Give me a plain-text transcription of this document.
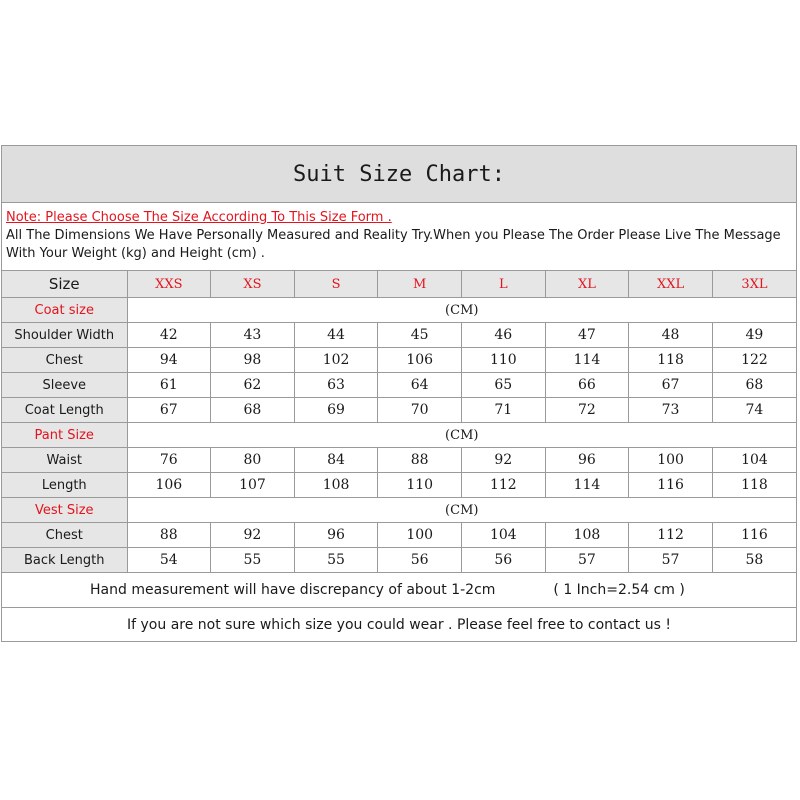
Suit Size Chart:
Note: Please Choose The Size According To This Size Form .
All The Dimensions We Have Personally Measured and Reality Try.When you Please The Order Please Live The Message
With Your Weight (kg) and Height (cm) .
Size	XXS	XS	S	M	L	XL	XXL	3XL
Coat size	(CM)							
Shoulder Width	42	43	44	45	46	47	48	49
Chest	94	98	102	106	110	114	118	122
Sleeve	61	62	63	64	65	66	67	68
Coat Length	67	68	69	70	71	72	73	74
Pant Size	(CM)							
Waist	76	80	84	88	92	96	100	104
Length	106	107	108	110	112	114	116	118
Vest Size	(CM)							
Chest	88	92	96	100	104	108	112	116
Back Length	54	55	55	56	56	57	57	58
Hand measurement will have discrepancy of about 1-2cm	( 1 Inch=2.54 cm )
If you are not sure which size you could wear . Please feel free to contact us !
